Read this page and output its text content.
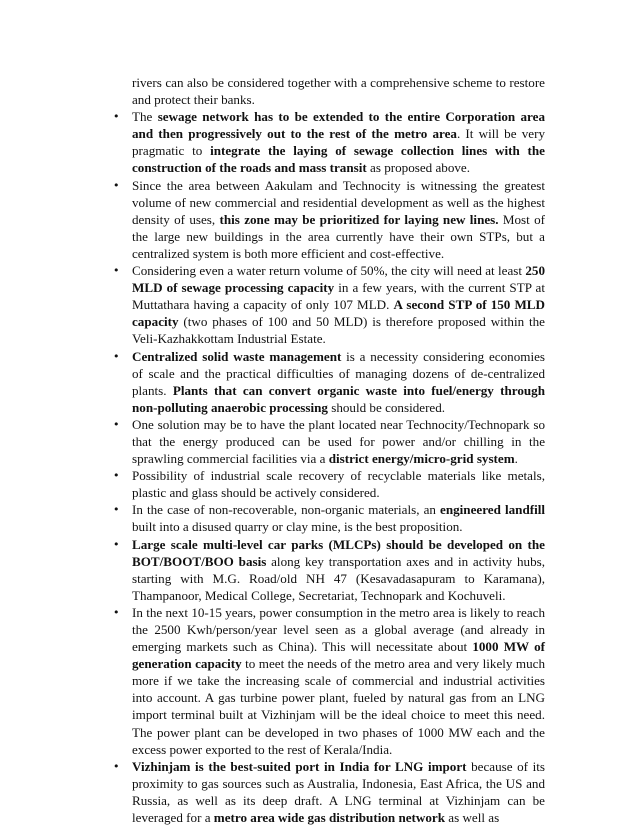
rivers can also be considered together with a comprehensive scheme to restore and protect their banks.

• The sewage network has to be extended to the entire Corporation area and then progressively out to the rest of the metro area. It will be very pragmatic to integrate the laying of sewage collection lines with the construction of the roads and mass transit as proposed above.
• Since the area between Aakulam and Technocity is witnessing the greatest volume of new commercial and residential development as well as the highest density of uses, this zone may be prioritized for laying new lines. Most of the large new buildings in the area currently have their own STPs, but a centralized system is both more efficient and cost-effective.
• Considering even a water return volume of 50%, the city will need at least 250 MLD of sewage processing capacity in a few years, with the current STP at Muttathara having a capacity of only 107 MLD. A second STP of 150 MLD capacity (two phases of 100 and 50 MLD) is therefore proposed within the Veli-Kazhakkottam Industrial Estate.
• Centralized solid waste management is a necessity considering economies of scale and the practical difficulties of managing dozens of de-centralized plants. Plants that can convert organic waste into fuel/energy through non-polluting anaerobic processing should be considered.
• One solution may be to have the plant located near Technocity/Technopark so that the energy produced can be used for power and/or chilling in the sprawling commercial facilities via a district energy/micro-grid system.
• Possibility of industrial scale recovery of recyclable materials like metals, plastic and glass should be actively considered.
• In the case of non-recoverable, non-organic materials, an engineered landfill built into a disused quarry or clay mine, is the best proposition.
• Large scale multi-level car parks (MLCPs) should be developed on the BOT/BOOT/BOO basis along key transportation axes and in activity hubs, starting with M.G. Road/old NH 47 (Kesavadasapuram to Karamana), Thampanoor, Medical College, Secretariat, Technopark and Kochuveli.
• In the next 10-15 years, power consumption in the metro area is likely to reach the 2500 Kwh/person/year level seen as a global average (and already in emerging markets such as China). This will necessitate about 1000 MW of generation capacity to meet the needs of the metro area and very likely much more if we take the increasing scale of commercial and industrial activities into account. A gas turbine power plant, fueled by natural gas from an LNG import terminal built at Vizhinjam will be the ideal choice to meet this need. The power plant can be developed in two phases of 1000 MW each and the excess power exported to the rest of Kerala/India.
• Vizhinjam is the best-suited port in India for LNG import because of its proximity to gas sources such as Australia, Indonesia, East Africa, the US and Russia, as well as its deep draft. A LNG terminal at Vizhinjam can be leveraged for a metro area wide gas distribution network as well as
